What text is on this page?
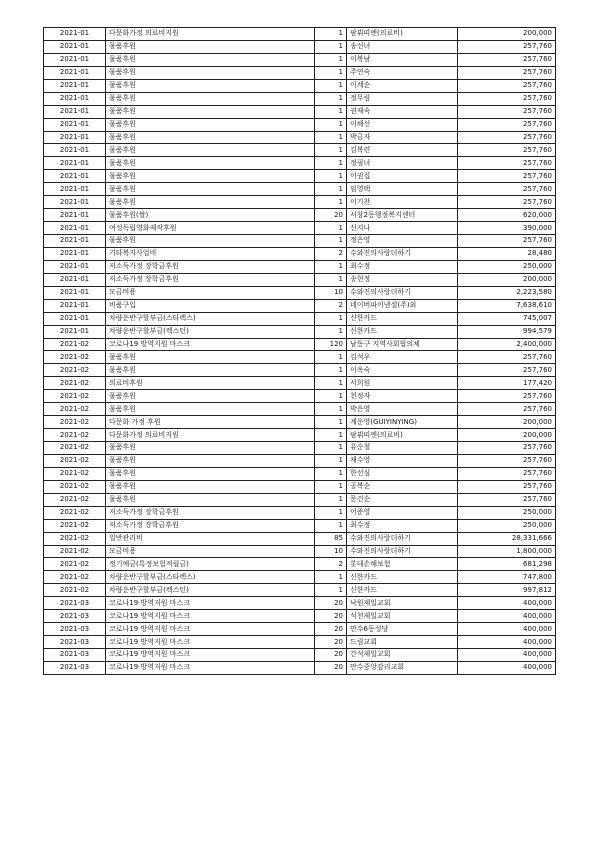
2021-01	다문화가정 의료비지원	1	팜뷔띠엔(의료비)	200,000
2021-01	물품후원	1	송선녀	257,760
2021-01	물품후원	1	이복남	257,760
2021-01	물품후원	1	주연숙	257,760
2021-01	물품후원	1	이계순	257,760
2021-01	물품후원	1	정무림	257,760
2021-01	물품후원	1	권재숙	257,760
2021-01	물품후원	1	이해선	257,760
2021-01	물품후원	1	박금자	257,760
2021-01	물품후원	1	김복련	257,760
2021-01	물품후원	1	정필녀	257,760
2021-01	물품후원	1	이권집	257,760
2021-01	물품후원	1	임영택	257,760
2021-01	물품후원	1	이기찬	257,760
2021-01	물품후원(쌀)	20	서창2동행정복지센터	620,000
2021-01	여성독립영화제작후원	1	신지나	390,000
2021-01	물품후원	1	정은영	257,760
2021-01	기타복지사업비	2	수와진의사랑더하기	28,480
2021-01	저소득가정 장학금후원	1	최수정	250,000
2021-01	저소득가정 장학금후원	1	송현정	200,000
2021-01	모금비용	10	수와진의사랑더하기	2,223,580
2021-01	비품구입	2	네이버파이낸셜(주)외	7,638,610
2021-01	차량운반구할부금(스타렉스)	1	신한카드	745,007
2021-01	차량운반구할부금(렉스턴)	1	신한카드	994,579
2021-02	코로나19 방역지원 마스크	120	남동구 지역사회협의체	2,400,000
2021-02	물품후원	1	김석우	257,760
2021-02	물품후원	1	이옥숙	257,760
2021-02	의료비후원	1	서희원	177,420
2021-02	물품후원	1	천정자	257,760
2021-02	물품후원	1	박은영	257,760
2021-02	다문화 가정 후원	1	계운영(GUIYINYING)	200,000
2021-02	다문화가정 의료비지원	1	팜뷔띠엔(의료비)	200,000
2021-02	물품후원	1	유순철	257,760
2021-02	물품후원	1	채수영	257,760
2021-02	물품후원	1	한선심	257,760
2021-02	물품후원	1	공복순	257,760
2021-02	물품후원	1	문건순	257,760
2021-02	저소득가정 장학금후원	1	이준영	250,000
2021-02	저소득가정 장학금후원	1	최수정	250,000
2021-02	일반관리비	85	수와진의사랑더하기	28,331,666
2021-02	모금비용	10	수와진의사랑더하기	1,800,000
2021-02	정기예금(특정보험적립금)	2	롯데손해보험	681,298
2021-02	차량운반구할부금(스타렉스)	1	신한카드	747,800
2021-02	차량운반구할부금(렉스턴)	1	신한카드	997,812
2021-03	코로나19 방역지원 마스크	20	낙원제일교회	400,000
2021-03	코로나19 방역지원 마스크	20	석천제일교회	400,000
2021-03	코로나19 방역지원 마스크	20	만수6동성당	400,000
2021-03	코로나19 방역지원 마스크	20	드림교회	400,000
2021-03	코로나19 방역지원 마스크	20	간석제일교회	400,000
2021-03	코로나19 방역지원 마스크	20	만수중앙감리교회	400,000
